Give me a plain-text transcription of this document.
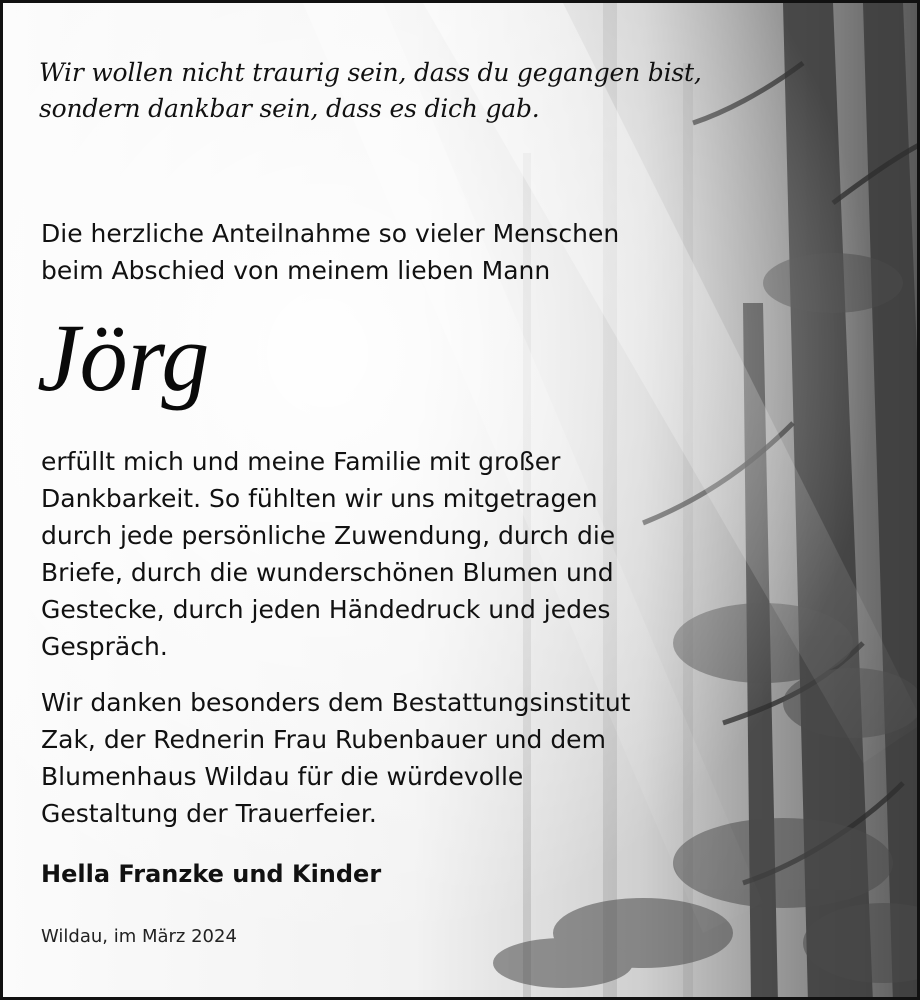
Wir wollen nicht traurig sein, dass du gegangen bist,
sondern dankbar sein, dass es dich gab.
Die herzliche Anteilnahme so vieler Menschen
beim Abschied von meinem lieben Mann
Jörg
erfüllt mich und meine Familie mit großer
Dankbarkeit. So fühlten wir uns mitgetragen
durch jede persönliche Zuwendung, durch die
Briefe, durch die wunderschönen Blumen und
Gestecke, durch jeden Händedruck und jedes
Gespräch.
Wir danken besonders dem Bestattungsinstitut
Zak, der Rednerin Frau Rubenbauer und dem
Blumenhaus Wildau für die würdevolle
Gestaltung der Trauerfeier.
Hella Franzke und Kinder
Wildau, im März 2024
